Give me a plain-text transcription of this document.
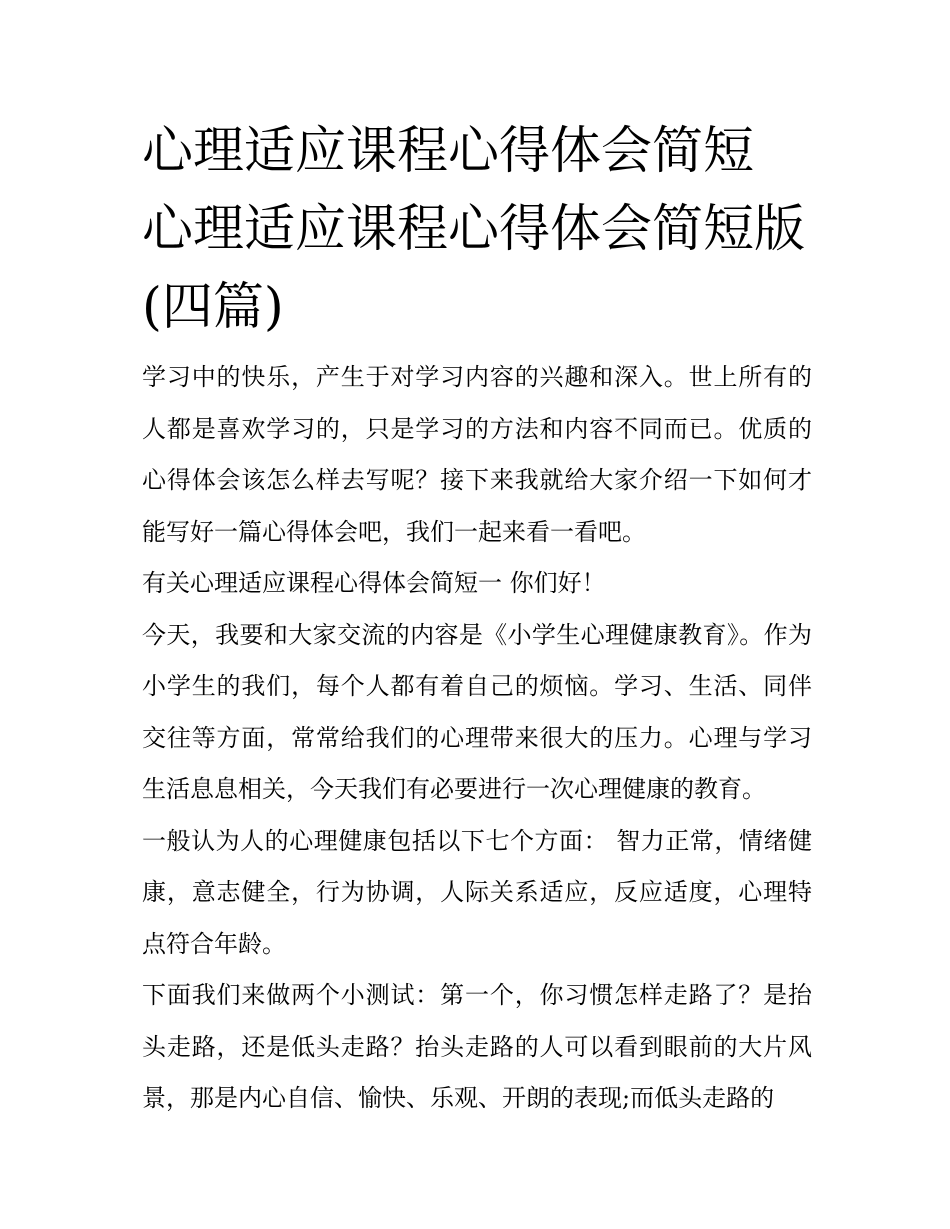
心理适应课程心得体会简短 心理适应课程心得体会简短版(四篇)

学习中的快乐，产生于对学习内容的兴趣和深入。世上所有的人都是喜欢学习的，只是学习的方法和内容不同而已。优质的心得体会该怎么样去写呢？接下来我就给大家介绍一下如何才能写好一篇心得体会吧，我们一起来看一看吧。

有关心理适应课程心得体会简短一 你们好！

今天，我要和大家交流的内容是《小学生心理健康教育》。作为小学生的我们，每个人都有着自己的烦恼。学习、生活、同伴交往等方面，常常给我们的心理带来很大的压力。心理与学习生活息息相关，今天我们有必要进行一次心理健康的教育。

一般认为人的心理健康包括以下七个方面： 智力正常，情绪健康，意志健全，行为协调，人际关系适应，反应适度，心理特点符合年龄。

下面我们来做两个小测试：第一个，你习惯怎样走路了？是抬头走路，还是低头走路？抬头走路的人可以看到眼前的大片风景，那是内心自信、愉快、乐观、开朗的表现;而低头走路的
